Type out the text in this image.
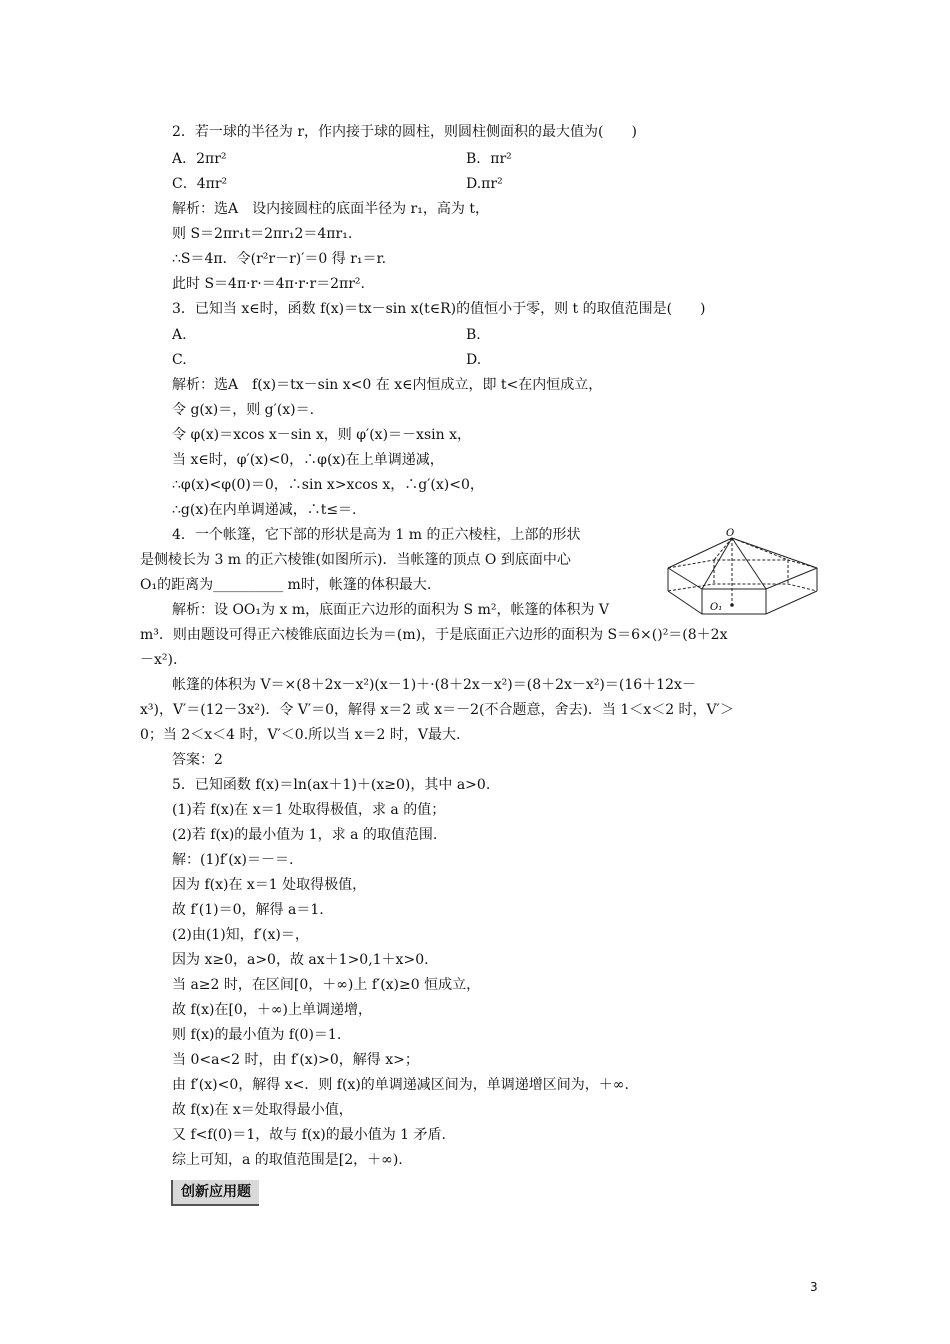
2．若一球的半径为 r，作内接于球的圆柱，则圆柱侧面积的最大值为(　　)
A．2πr²	B．πr²
C．4πr²	D.πr²
解析：选A　设内接圆柱的底面半径为 r₁，高为 t，
则 S＝2πr₁t＝2πr₁2＝4πr₁.
∴S＝4π．令(r²r－r)′＝0 得 r₁＝r.
此时 S＝4π·r·＝4π·r·r＝2πr².
3．已知当 x∈时，函数 f(x)＝tx－sin x(t∈R)的值恒小于零，则 t 的取值范围是(　　)
A.	B.
C.	D.
解析：选A　f(x)＝tx－sin x<0 在 x∈内恒成立，即 t<在内恒成立，
令 g(x)＝，则 g′(x)＝.
令 φ(x)＝xcos x－sin x，则 φ′(x)＝－xsin x，
当 x∈时，φ′(x)<0，∴φ(x)在上单调递减，
∴φ(x)<φ(0)＝0，∴sin x>xcos x，∴g′(x)<0，
∴g(x)在内单调递减，∴t≤＝.
4．一个帐篷，它下部的形状是高为 1 m 的正六棱柱，上部的形状
是侧棱长为 3 m 的正六棱锥(如图所示)．当帐篷的顶点 O 到底面中心
O₁的距离为__________ m时，帐篷的体积最大.
解析：设 OO₁为 x m，底面正六边形的面积为 S m²，帐篷的体积为 V
m³．则由题设可得正六棱锥底面边长为＝(m)，于是底面正六边形的面积为 S＝6×()²＝(8＋2x
－x²).
帐篷的体积为 V＝×(8＋2x－x²)(x－1)＋·(8＋2x－x²)＝(8＋2x－x²)＝(16＋12x－
x³)，V′＝(12－3x²)．令 V′＝0，解得 x＝2 或 x＝－2(不合题意，舍去)．当 1＜x＜2 时，V′＞
0；当 2＜x＜4 时，V′＜0.所以当 x＝2 时，V最大.
答案：2
O
O₁
5．已知函数 f(x)＝ln(ax＋1)＋(x≥0)，其中 a>0.
(1)若 f(x)在 x＝1 处取得极值，求 a 的值；
(2)若 f(x)的最小值为 1，求 a 的取值范围.
解：(1)f′(x)＝－＝.
因为 f(x)在 x＝1 处取得极值，
故 f′(1)＝0，解得 a＝1.
(2)由(1)知，f′(x)＝，
因为 x≥0，a>0，故 ax＋1>0,1＋x>0.
当 a≥2 时，在区间[0，＋∞)上 f′(x)≥0 恒成立，
故 f(x)在[0，＋∞)上单调递增，
则 f(x)的最小值为 f(0)＝1.
当 0<a<2 时，由 f′(x)>0，解得 x>；
由 f′(x)<0，解得 x<．则 f(x)的单调递减区间为，单调递增区间为，＋∞.
故 f(x)在 x＝处取得最小值，
又 f<f(0)＝1，故与 f(x)的最小值为 1 矛盾.
综上可知，a 的取值范围是[2，＋∞).
创新应用题
3
